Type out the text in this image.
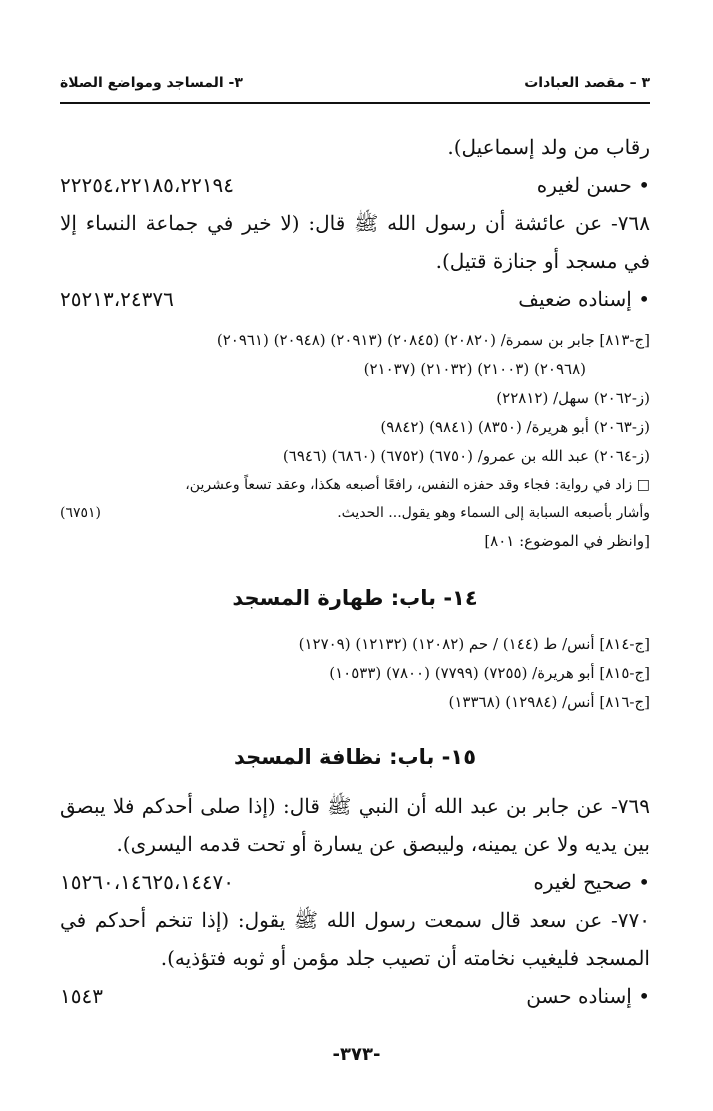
٣ – مقصد العبادات
٣- المساجد ومواضع الصلاة

رقاب من ولد إسماعيل).

• حسن لغيره
٢٢٢٥٤،٢٢١٨٥،٢٢١٩٤

٧٦٨- عن عائشة أن رسول الله ﷺ قال: (لا خير في جماعة النساء إلا في مسجد أو جنازة قتيل).

• إسناده ضعيف
٢٥٢١٣،٢٤٣٧٦
[ج-٨١٣] جابر بن سمرة/ (٢٠٨٢٠) (٢٠٨٤٥) (٢٠٩١٣) (٢٠٩٤٨) (٢٠٩٦١)
(٢٠٩٦٨) (٢١٠٠٣) (٢١٠٣٢) (٢١٠٣٧)
(ز-٢٠٦٢) سهل/ (٢٢٨١٢)
(ز-٢٠٦٣) أبو هريرة/ (٨٣٥٠) (٩٨٤١) (٩٨٤٢)
(ز-٢٠٦٤) عبد الله بن عمرو/ (٦٧٥٠) (٦٧٥٢) (٦٨٦٠) (٦٩٤٦)
□ زاد في رواية: فجاء وقد حفزه النفس، رافعًا أصبعه هكذا، وعقد تسعاً وعشرين،
وأشار بأصبعه السبابة إلى السماء وهو يقول... الحديث.
(٦٧٥١)
[وانظر في الموضوع: ٨٠١]
١٤- باب: طهارة المسجد
[ج-٨١٤] أنس/ ط (١٤٤) / حم (١٢٠٨٢) (١٢١٣٢) (١٢٧٠٩)
[ج-٨١٥] أبو هريرة/ (٧٢٥٥) (٧٧٩٩) (٧٨٠٠) (١٠٥٣٣)
[ج-٨١٦] أنس/ (١٢٩٨٤) (١٣٣٦٨)
١٥- باب: نظافة المسجد

٧٦٩- عن جابر بن عبد الله أن النبي ﷺ قال: (إذا صلى أحدكم فلا يبصق بين يديه ولا عن يمينه، وليبصق عن يسارة أو تحت قدمه اليسرى).

• صحيح لغيره
١٥٢٦٠،١٤٦٢٥،١٤٤٧٠

٧٧٠- عن سعد قال سمعت رسول الله ﷺ يقول: (إذا تنخم أحدكم في المسجد فليغيب نخامته أن تصيب جلد مؤمن أو ثوبه فتؤذيه).

• إسناده حسن
١٥٤٣
-٣٧٣-
